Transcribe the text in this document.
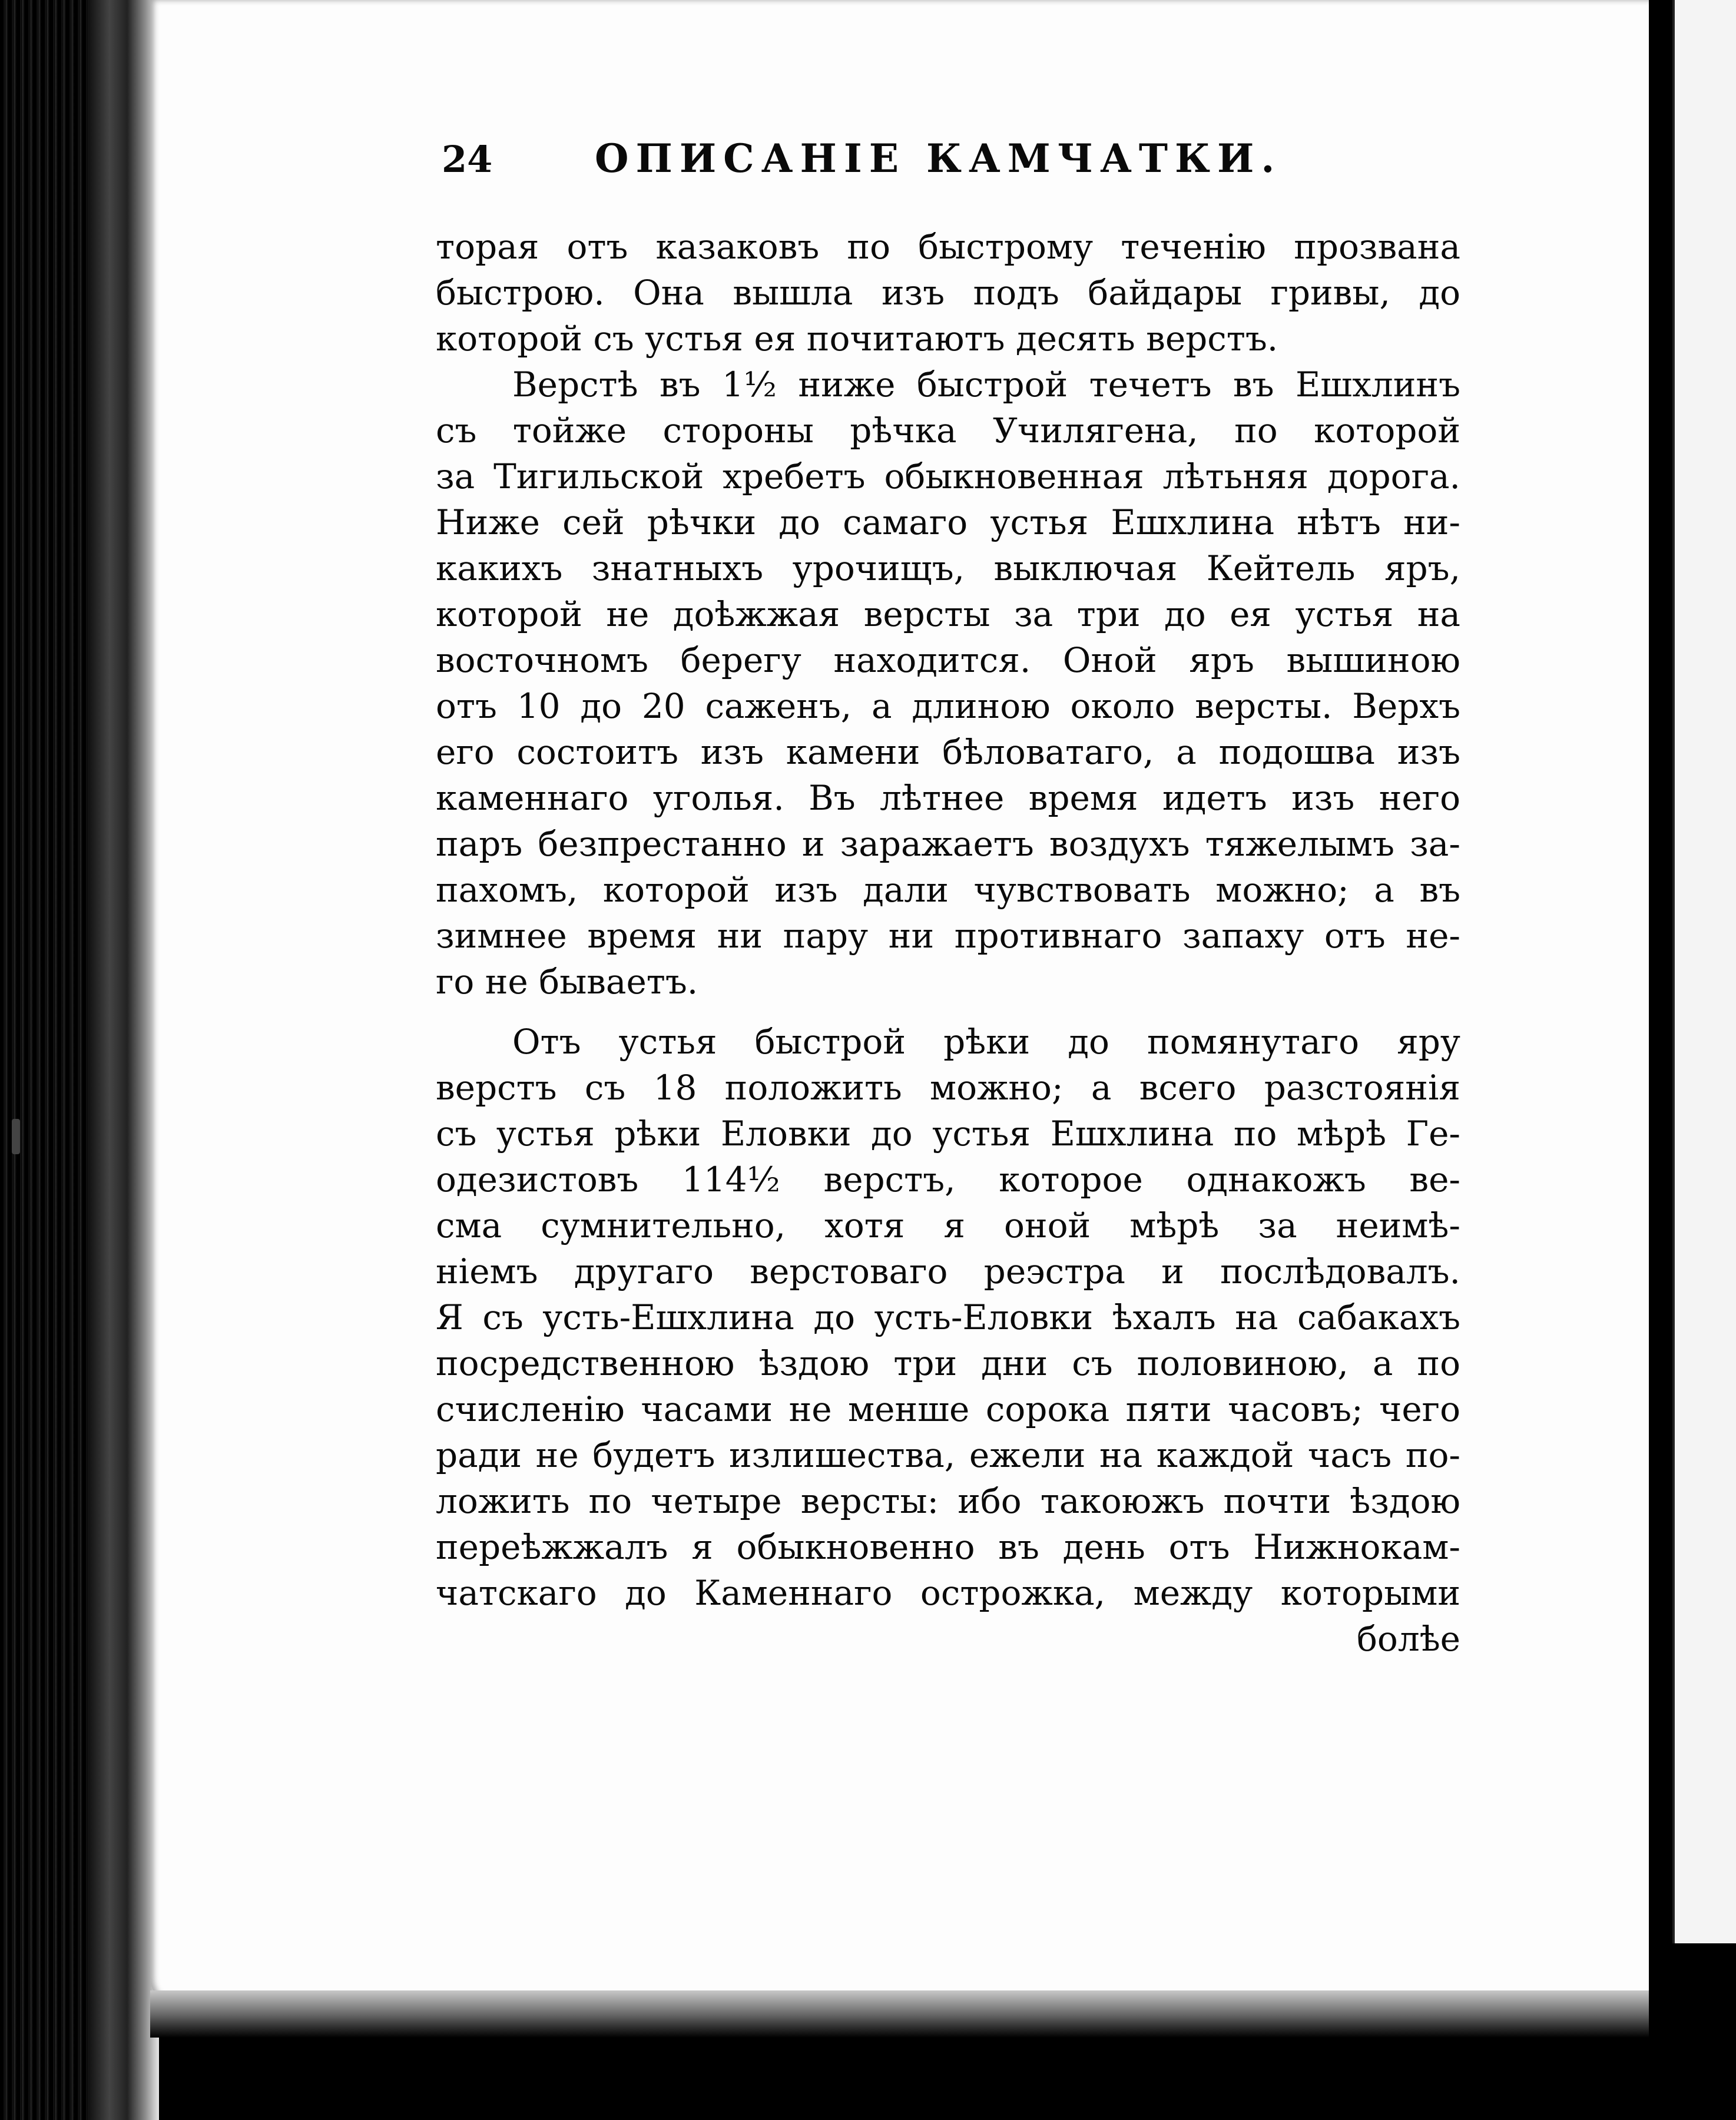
24	ОПИСАНІЕ КАМЧАТКИ.
торая отъ казаковъ по быстрому теченію прозвана
быстрою. Она вышла изъ подъ байдары гривы, до
которой съ устья ея почитаютъ десять верстъ.
Верстѣ въ 1½ ниже быстрой течетъ въ Ешхлинъ
съ тойже стороны рѣчка Училягена, по которой
за Тигильской хребетъ обыкновенная лѣтьняя дорога.
Ниже сей рѣчки до самаго устья Ешхлина нѣтъ ни-
какихъ знатныхъ урочищъ, выключая Кейтель яръ,
которой не доѣжжая версты за три до ея устья на
восточномъ берегу находится. Оной яръ вышиною
отъ 10 до 20 саженъ, а длиною около версты. Верхъ
его состоитъ изъ камени бѣловатаго, а подошва изъ
каменнаго уголья. Въ лѣтнее время идетъ изъ него
паръ безпрестанно и заражаетъ воздухъ тяжелымъ за-
пахомъ, которой изъ дали чувствовать можно; а въ
зимнее время ни пару ни противнаго запаху отъ не-
го не бываетъ.
Отъ устья быстрой рѣки до помянутаго яру
верстъ съ 18 положить можно; а всего разстоянія
съ устья рѣки Еловки до устья Ешхлина по мѣрѣ Ге-
одезистовъ 114½ верстъ, которое однакожъ ве-
сма сумнительно, хотя я оной мѣрѣ за неимѣ-
ніемъ другаго верстоваго реэстра и послѣдовалъ.
Я съ усть-Ешхлина до усть-Еловки ѣхалъ на сабакахъ
посредственною ѣздою три дни съ половиною, а по
счисленію часами не менше сорока пяти часовъ; чего
ради не будетъ излишества, ежели на каждой часъ по-
ложить по четыре версты: ибо такоюжъ почти ѣздою
переѣжжалъ я обыкновенно въ день отъ Нижнокам-
чатскаго до Каменнаго острожка, между которыми
болѣе
